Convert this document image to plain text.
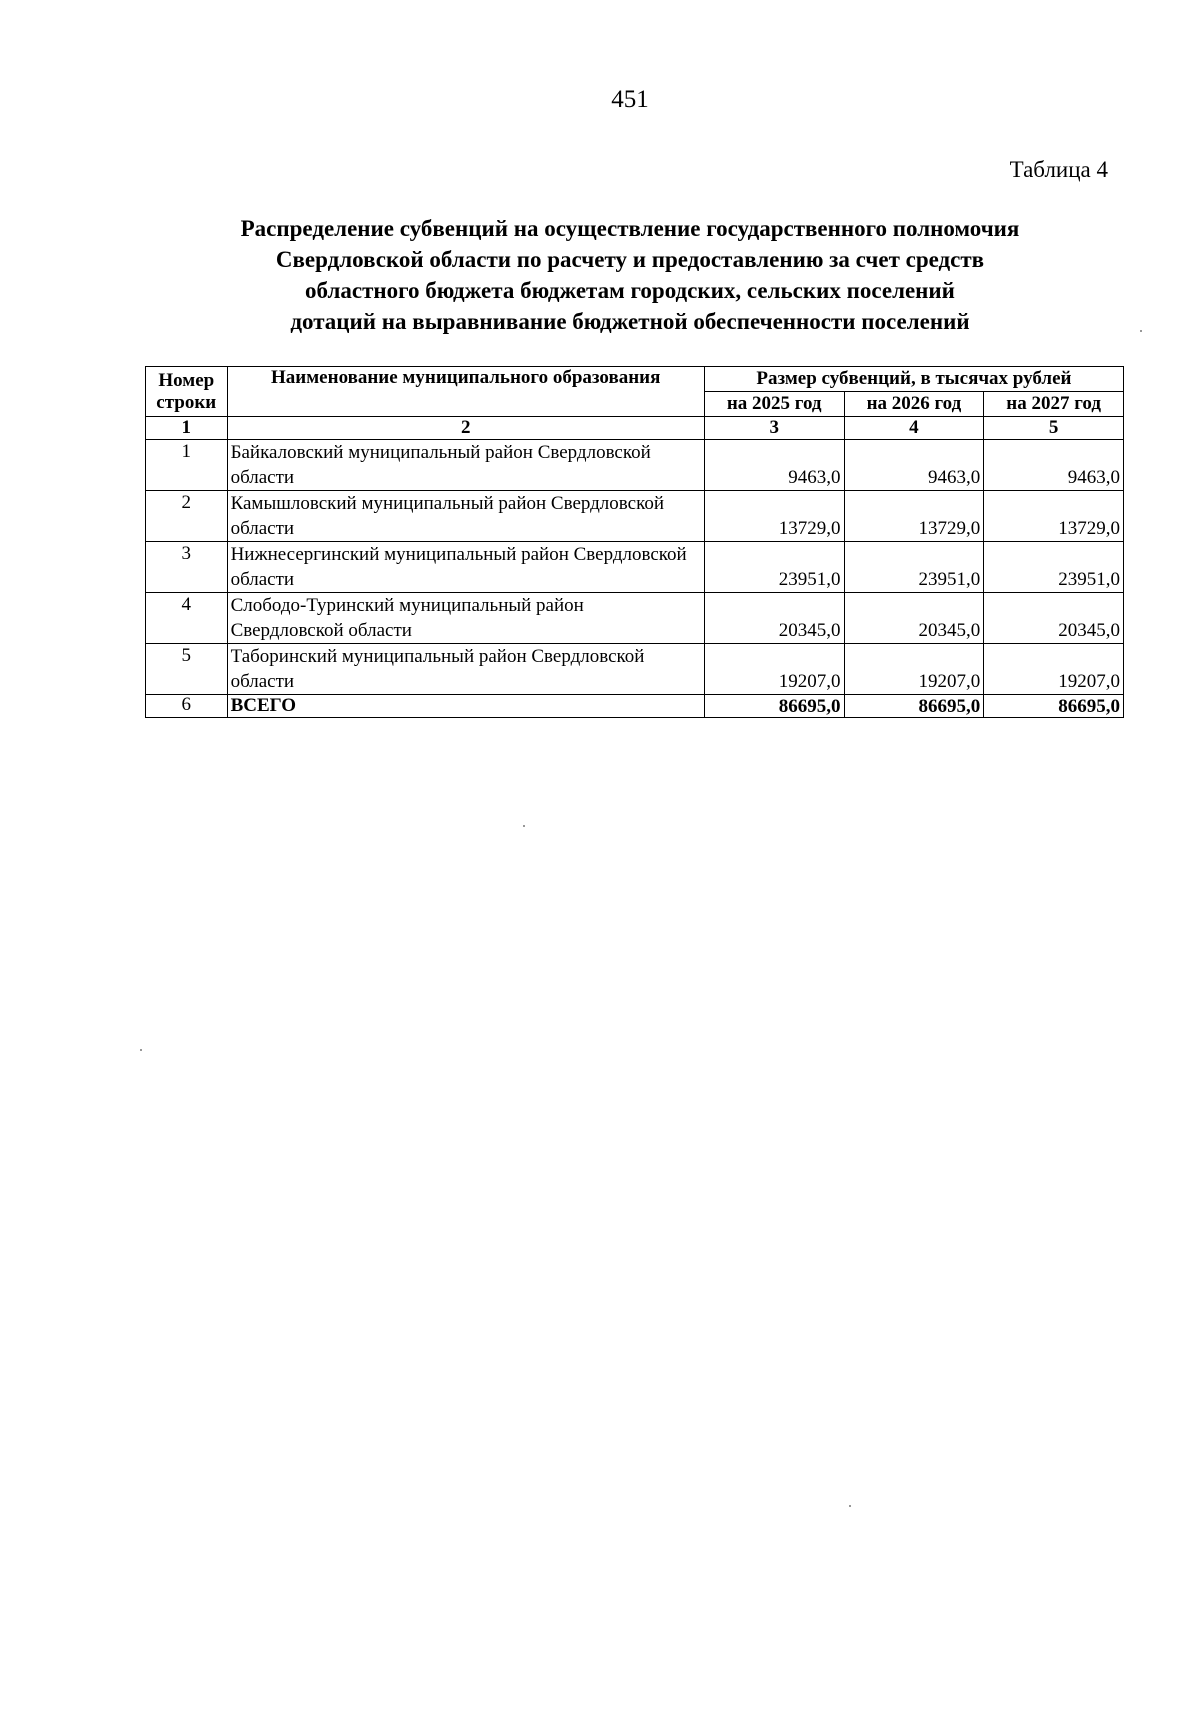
451
Таблица 4
Распределение субвенций на осуществление государственного полномочия
Свердловской области по расчету и предоставлению за счет средств
областного бюджета бюджетам городских, сельских поселений
дотаций на выравнивание бюджетной обеспеченности поселений
Номер строки	Наименование муниципального образования	Размер субвенций, в тысячах рублей		
		на 2025 год	на 2026 год	на 2027 год
1	2	3	4	5
1	Байкаловский муниципальный район Свердловской области	9463,0	9463,0	9463,0
2	Камышловский муниципальный район Свердловской области	13729,0	13729,0	13729,0
3	Нижнесергинский муниципальный район Свердловской области	23951,0	23951,0	23951,0
4	Слободо-Туринский муниципальный район Свердловской области	20345,0	20345,0	20345,0
5	Таборинский муниципальный район Свердловской области	19207,0	19207,0	19207,0
6	ВСЕГО	86695,0	86695,0	86695,0
